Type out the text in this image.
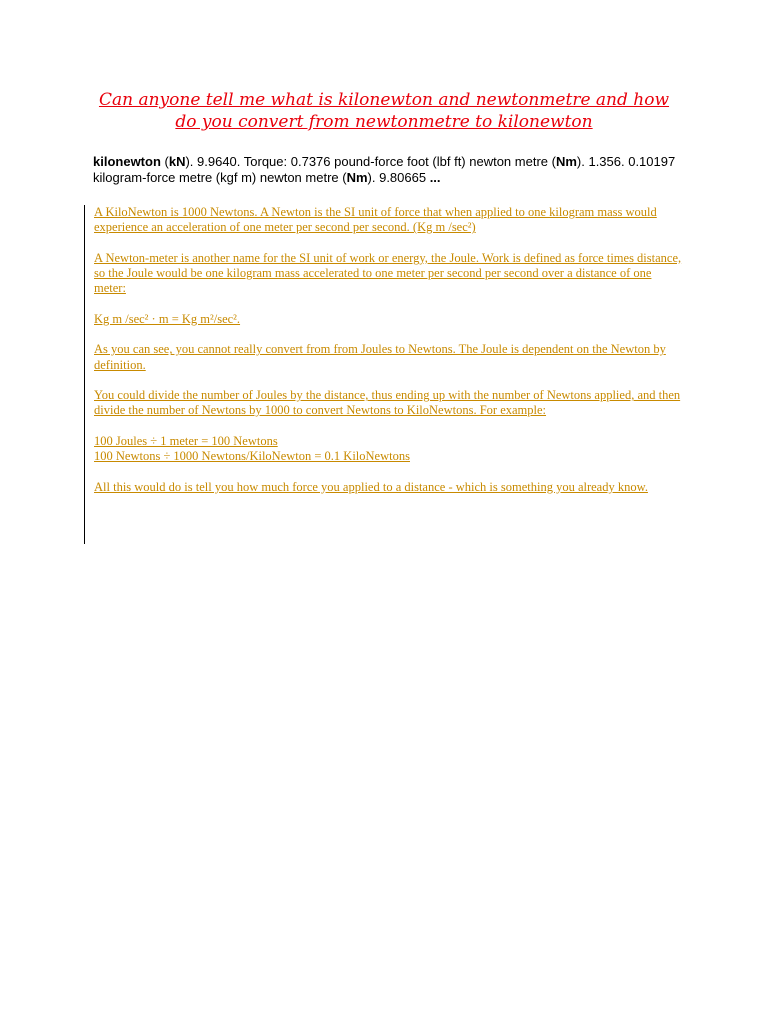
Can anyone tell me what is kilonewton and newtonmetre and how do you convert from newtonmetre to kilonewton

kilonewton (kN). 9.9640. Torque: 0.7376 pound-force foot (lbf ft) newton metre (Nm). 1.356. 0.10197 kilogram-force metre (kgf m) newton metre (Nm). 9.80665 ...

A KiloNewton is 1000 Newtons. A Newton is the SI unit of force that when applied to one kilogram mass would experience an acceleration of one meter per second per second. (Kg m /sec²)

A Newton-meter is another name for the SI unit of work or energy, the Joule. Work is defined as force times distance, so the Joule would be one kilogram mass accelerated to one meter per second per second over a distance of one meter:

Kg m /sec² · m = Kg m²/sec².

As you can see, you cannot really convert from from Joules to Newtons. The Joule is dependent on the Newton by definition.

You could divide the number of Joules by the distance, thus ending up with the number of Newtons applied, and then divide the number of Newtons by 1000 to convert Newtons to KiloNewtons. For example:

100 Joules ÷ 1 meter = 100 Newtons

100 Newtons ÷ 1000 Newtons/KiloNewton = 0.1 KiloNewtons

All this would do is tell you how much force you applied to a distance - which is something you already know.
